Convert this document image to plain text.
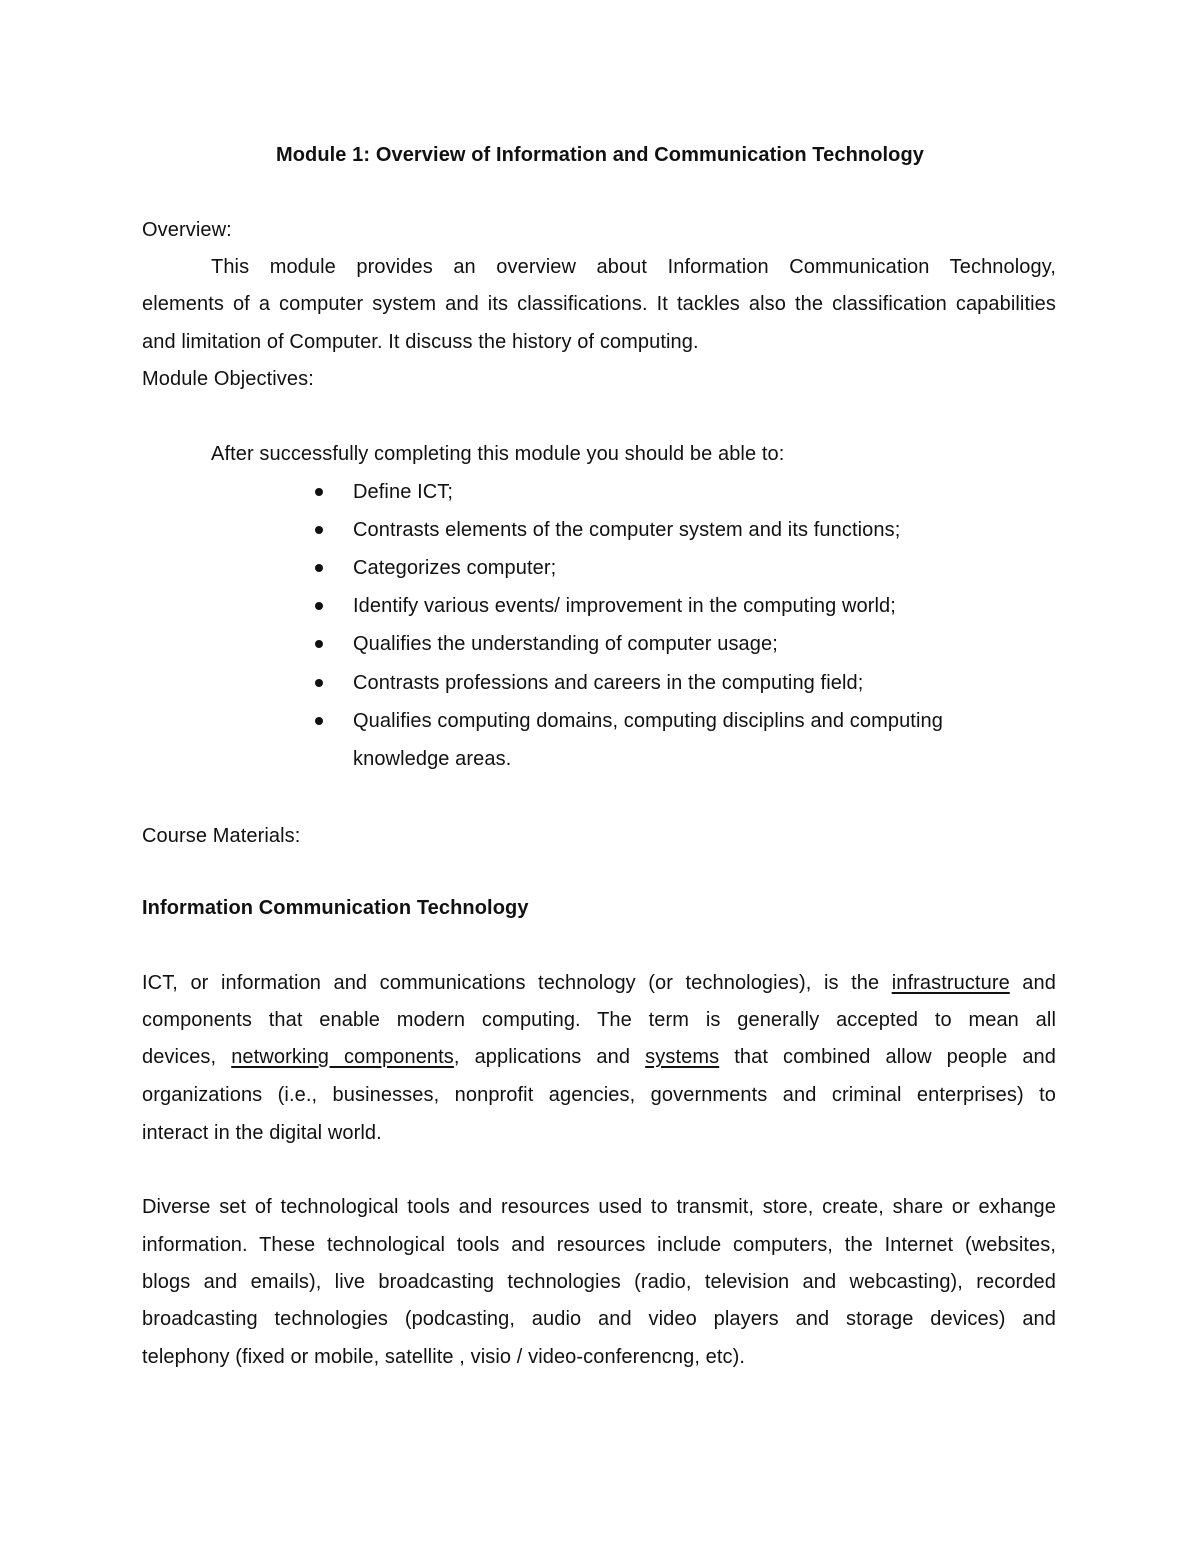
Module 1: Overview of Information and Communication Technology
Overview:
This module provides an overview about Information Communication Technology,
elements of a computer system and its classifications. It tackles also the classification capabilities
and limitation of Computer. It discuss the history of computing.
Module Objectives:
After successfully completing this module you should be able to:
Define ICT;
Contrasts elements of the computer system and its functions;
Categorizes computer;
Identify various events/ improvement in the computing world;
Qualifies the understanding of computer usage;
Contrasts professions and careers in the computing field;
Qualifies computing domains, computing disciplins and computing
knowledge areas.
Course Materials:
Information Communication Technology
ICT, or information and communications technology (or technologies), is the infrastructure and
components that enable modern computing. The term is generally accepted to mean all
devices, networking components, applications and systems that combined allow people and
organizations (i.e., businesses, nonprofit agencies, governments and criminal enterprises) to
interact in the digital world.
Diverse set of technological tools and resources used to transmit, store, create, share or exhange
information. These technological tools and resources include computers, the Internet (websites,
blogs and emails), live broadcasting technologies (radio, television and webcasting), recorded
broadcasting technologies (podcasting, audio and video players and storage devices) and
telephony (fixed or mobile, satellite , visio / video-conferencng, etc).
